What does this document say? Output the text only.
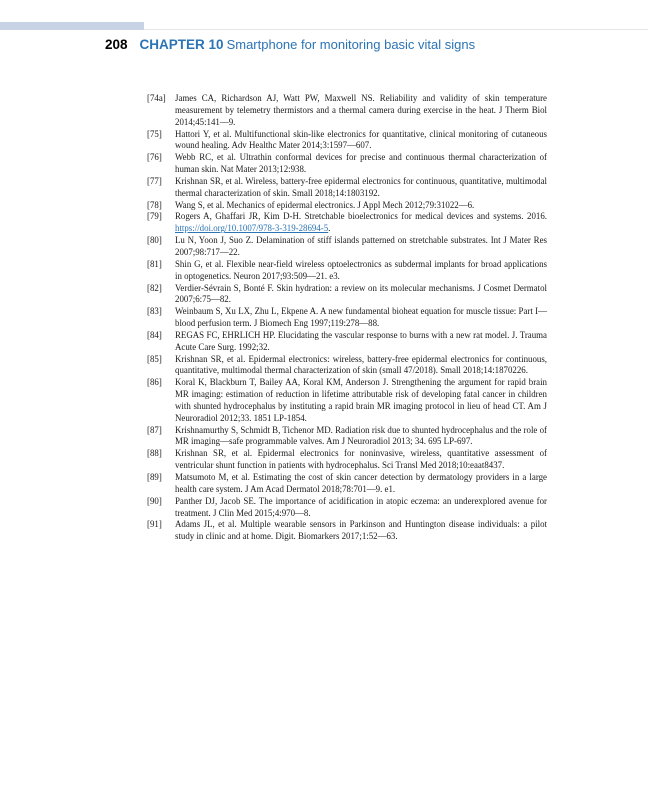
208 CHAPTER 10 Smartphone for monitoring basic vital signs
[74a]	James CA, Richardson AJ, Watt PW, Maxwell NS. Reliability and validity of skin temperature measurement by telemetry thermistors and a thermal camera during exercise in the heat. J Therm Biol 2014;45:141—9.
[75]	Hattori Y, et al. Multifunctional skin-like electronics for quantitative, clinical monitoring of cutaneous wound healing. Adv Healthc Mater 2014;3:1597—607.
[76]	Webb RC, et al. Ultrathin conformal devices for precise and continuous thermal characterization of human skin. Nat Mater 2013;12:938.
[77]	Krishnan SR, et al. Wireless, battery-free epidermal electronics for continuous, quantitative, multimodal thermal characterization of skin. Small 2018;14:1803192.
[78]	Wang S, et al. Mechanics of epidermal electronics. J Appl Mech 2012;79:31022—6.
[79]	Rogers A, Ghaffari JR, Kim D-H. Stretchable bioelectronics for medical devices and systems. 2016. https://doi.org/10.1007/978-3-319-28694-5.
[80]	Lu N, Yoon J, Suo Z. Delamination of stiff islands patterned on stretchable substrates. Int J Mater Res 2007;98:717—22.
[81]	Shin G, et al. Flexible near-field wireless optoelectronics as subdermal implants for broad applications in optogenetics. Neuron 2017;93:509—21. e3.
[82]	Verdier-Sévrain S, Bonté F. Skin hydration: a review on its molecular mechanisms. J Cosmet Dermatol 2007;6:75—82.
[83]	Weinbaum S, Xu LX, Zhu L, Ekpene A. A new fundamental bioheat equation for muscle tissue: Part I—blood perfusion term. J Biomech Eng 1997;119:278—88.
[84]	REGAS FC, EHRLICH HP. Elucidating the vascular response to burns with a new rat model. J. Trauma Acute Care Surg. 1992;32.
[85]	Krishnan SR, et al. Epidermal electronics: wireless, battery-free epidermal electronics for continuous, quantitative, multimodal thermal characterization of skin (small 47/2018). Small 2018;14:1870226.
[86]	Koral K, Blackburn T, Bailey AA, Koral KM, Anderson J. Strengthening the argument for rapid brain MR imaging: estimation of reduction in lifetime attributable risk of developing fatal cancer in children with shunted hydrocephalus by instituting a rapid brain MR imaging protocol in lieu of head CT. Am J Neuroradiol 2012;33. 1851 LP-1854.
[87]	Krishnamurthy S, Schmidt B, Tichenor MD. Radiation risk due to shunted hydrocephalus and the role of MR imaging—safe programmable valves. Am J Neuroradiol 2013; 34. 695 LP-697.
[88]	Krishnan SR, et al. Epidermal electronics for noninvasive, wireless, quantitative assessment of ventricular shunt function in patients with hydrocephalus. Sci Transl Med 2018;10:eaat8437.
[89]	Matsumoto M, et al. Estimating the cost of skin cancer detection by dermatology providers in a large health care system. J Am Acad Dermatol 2018;78:701—9. e1.
[90]	Panther DJ, Jacob SE. The importance of acidification in atopic eczema: an underexplored avenue for treatment. J Clin Med 2015;4:970—8.
[91]	Adams JL, et al. Multiple wearable sensors in Parkinson and Huntington disease individuals: a pilot study in clinic and at home. Digit. Biomarkers 2017;1:52—63.
